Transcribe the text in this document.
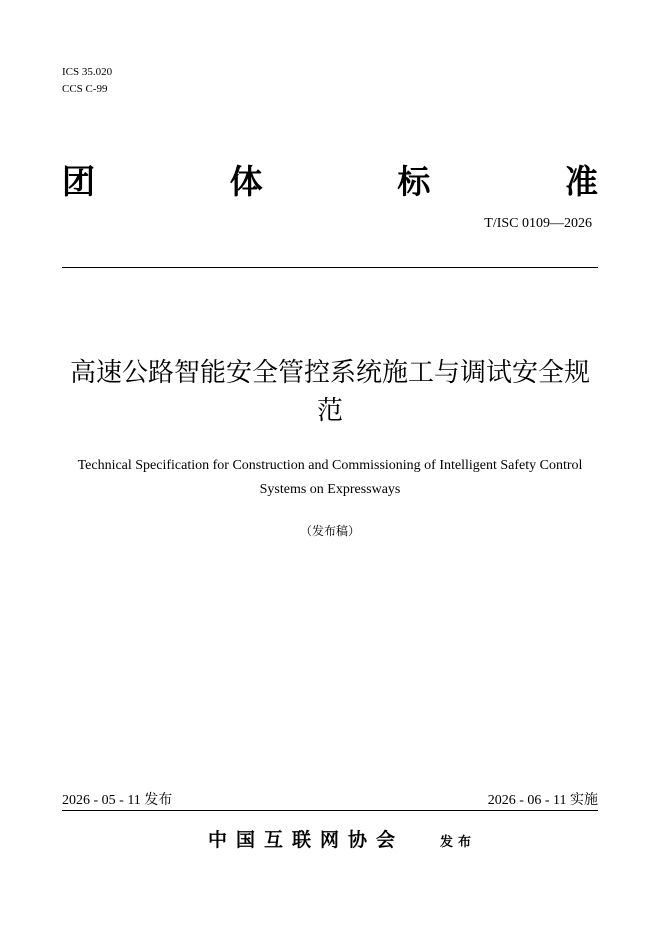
ICS 35.020
CCS C-99
团	体	标	准
T/ISC 0109—2026
高速公路智能安全管控系统施工与调试安全规范
Technical Specification for Construction and Commissioning of Intelligent Safety Control Systems on Expressways
（发布稿）
2026 - 05 - 11 发布	2026 - 06 - 11 实施
中国互联网协会	发布
